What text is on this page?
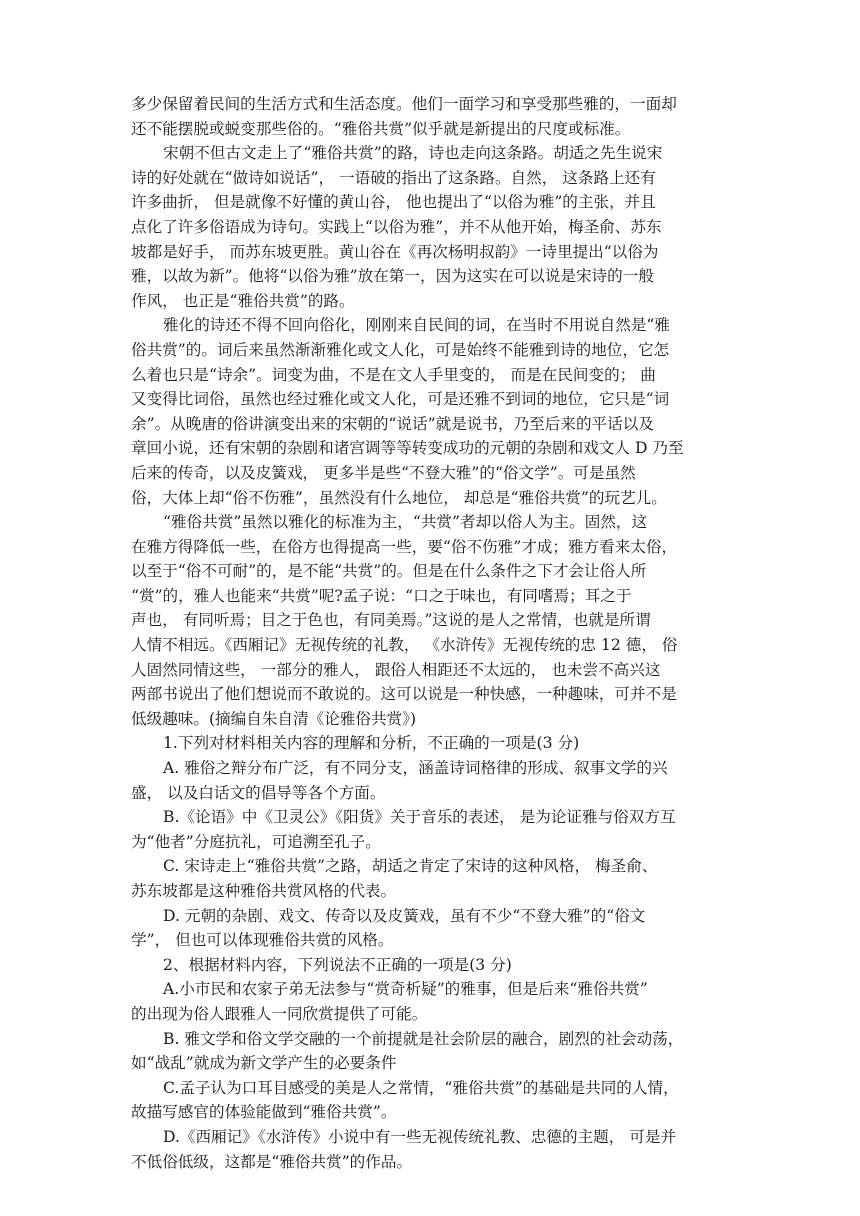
多少保留着民间的生活方式和生活态度。他们一面学习和享受那些雅的，一面却
还不能摆脱或蜕变那些俗的。“雅俗共赏”似乎就是新提出的尺度或标准。
宋朝不但古文走上了“雅俗共赏”的路，诗也走向这条路。胡适之先生说宋
诗的好处就在“做诗如说话”， 一语破的指出了这条路。自然， 这条路上还有
许多曲折， 但是就像不好懂的黄山谷， 他也提出了“以俗为雅”的主张，并且
点化了许多俗语成为诗句。实践上“以俗为雅”，并不从他开始，梅圣俞、苏东
坡都是好手， 而苏东坡更胜。黄山谷在《再次杨明叔韵》一诗里提出“以俗为
雅，以故为新”。他将“以俗为雅”放在第一，因为这实在可以说是宋诗的一般
作风， 也正是“雅俗共赏”的路。
雅化的诗还不得不回向俗化，刚刚来自民间的词，在当时不用说自然是“雅
俗共赏”的。词后来虽然渐渐雅化或文人化，可是始终不能雅到诗的地位，它怎
么着也只是“诗余”。词变为曲，不是在文人手里变的， 而是在民间变的； 曲
又变得比词俗，虽然也经过雅化或文人化，可是还雅不到词的地位，它只是“词
余”。从晚唐的俗讲演变出来的宋朝的“说话”就是说书，乃至后来的平话以及
章回小说，还有宋朝的杂剧和诸宫调等等转变成功的元朝的杂剧和戏文人 D 乃至
后来的传奇，以及皮簧戏， 更多半是些“不登大雅”的“俗文学”。可是虽然
俗，大体上却“俗不伤雅”，虽然没有什么地位， 却总是“雅俗共赏”的玩艺儿。
“雅俗共赏”虽然以雅化的标准为主，“共赏”者却以俗人为主。固然，这
在雅方得降低一些，在俗方也得提高一些，要“俗不伤雅”才成；雅方看来太俗，
以至于“俗不可耐”的，是不能“共赏”的。但是在什么条件之下才会让俗人所
“赏”的，雅人也能来“共赏”呢?孟子说：“口之于味也，有同嗜焉；耳之于
声也， 有同听焉；目之于色也，有同美焉。”这说的是人之常情，也就是所谓
人情不相远。《西厢记》无视传统的礼教， 《水浒传》无视传统的忠 12 德， 俗
人固然同情这些， 一部分的雅人， 跟俗人相距还不太远的， 也未尝不高兴这
两部书说出了他们想说而不敢说的。这可以说是一种快感，一种趣味，可并不是
低级趣味。(摘编自朱自清《论雅俗共赏》)
1.下列对材料相关内容的理解和分析，不正确的一项是(3 分)
A. 雅俗之辩分布广泛，有不同分支，涵盖诗词格律的形成、叙事文学的兴
盛， 以及白话文的倡导等各个方面。
B.《论语》中《卫灵公》《阳货》关于音乐的表述， 是为论证雅与俗双方互
为“他者”分庭抗礼，可追溯至孔子。
C. 宋诗走上“雅俗共赏”之路，胡适之肯定了宋诗的这种风格， 梅圣俞、
苏东坡都是这种雅俗共赏风格的代表。
D. 元朝的杂剧、戏文、传奇以及皮簧戏，虽有不少“不登大雅”的“俗文
学”， 但也可以体现雅俗共赏的风格。
2、根据材料内容，下列说法不正确的一项是(3 分)
A.小市民和农家子弟无法参与“赏奇析疑”的雅事，但是后来“雅俗共赏”
的出现为俗人跟雅人一同欣赏提供了可能。
B. 雅文学和俗文学交融的一个前提就是社会阶层的融合，剧烈的社会动荡，
如“战乱”就成为新文学产生的必要条件
C.孟子认为口耳目感受的美是人之常情，“雅俗共赏”的基础是共同的人情，
故描写感官的体验能做到“雅俗共赏”。
D.《西厢记》《水浒传》小说中有一些无视传统礼教、忠德的主题， 可是并
不低俗低级，这都是“雅俗共赏”的作品。
